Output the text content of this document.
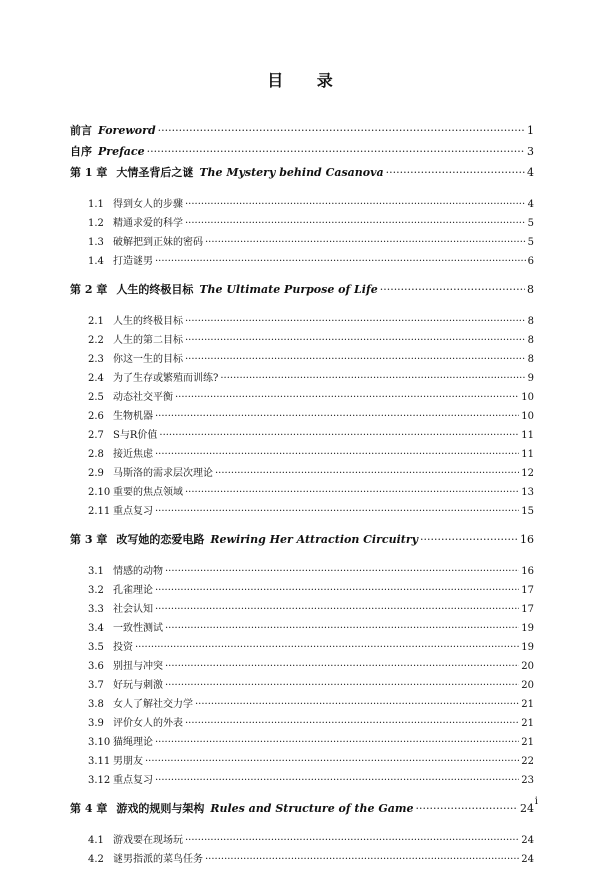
目 录
前言 Foreword ·····	1
自序 Preface ·····	3
第 1 章 大情圣背后之谜 The Mystery behind Casanova ·····	4
1.1 得到女人的步骤 ·····	4
1.2 精通求爱的科学 ·····	5
1.3 破解把到正妹的密码 ·····	5
1.4 打造谜男 ·····	6
第 2 章 人生的终极目标 The Ultimate Purpose of Life ·····	8
2.1 人生的终极目标 ·····	8
2.2 人生的第二目标 ·····	8
2.3 你这一生的目标 ·····	8
2.4 为了生存或繁殖而训练? ·····	9
2.5 动态社交平衡 ·····	10
2.6 生物机器 ·····	10
2.7 S与R价值 ·····	11
2.8 接近焦虑 ·····	11
2.9 马斯洛的需求层次理论 ·····	12
2.10 重要的焦点领域 ·····	13
2.11 重点复习 ·····	15
第 3 章 改写她的恋爱电路 Rewiring Her Attraction Circuitry ·····	16
3.1 情感的动物 ·····	16
3.2 孔雀理论 ·····	17
3.3 社会认知 ·····	17
3.4 一致性测试 ·····	19
3.5 投资 ·····	19
3.6 别扭与冲突 ·····	20
3.7 好玩与刺激 ·····	20
3.8 女人了解社交力学 ·····	21
3.9 评价女人的外表 ·····	21
3.10 猫绳理论 ·····	21
3.11 男朋友 ·····	22
3.12 重点复习 ·····	23
第 4 章 游戏的规则与架构 Rules and Structure of the Game ·····	24
4.1 游戏要在现场玩 ·····	24
4.2 谜男指派的菜鸟任务 ·····	24
i
